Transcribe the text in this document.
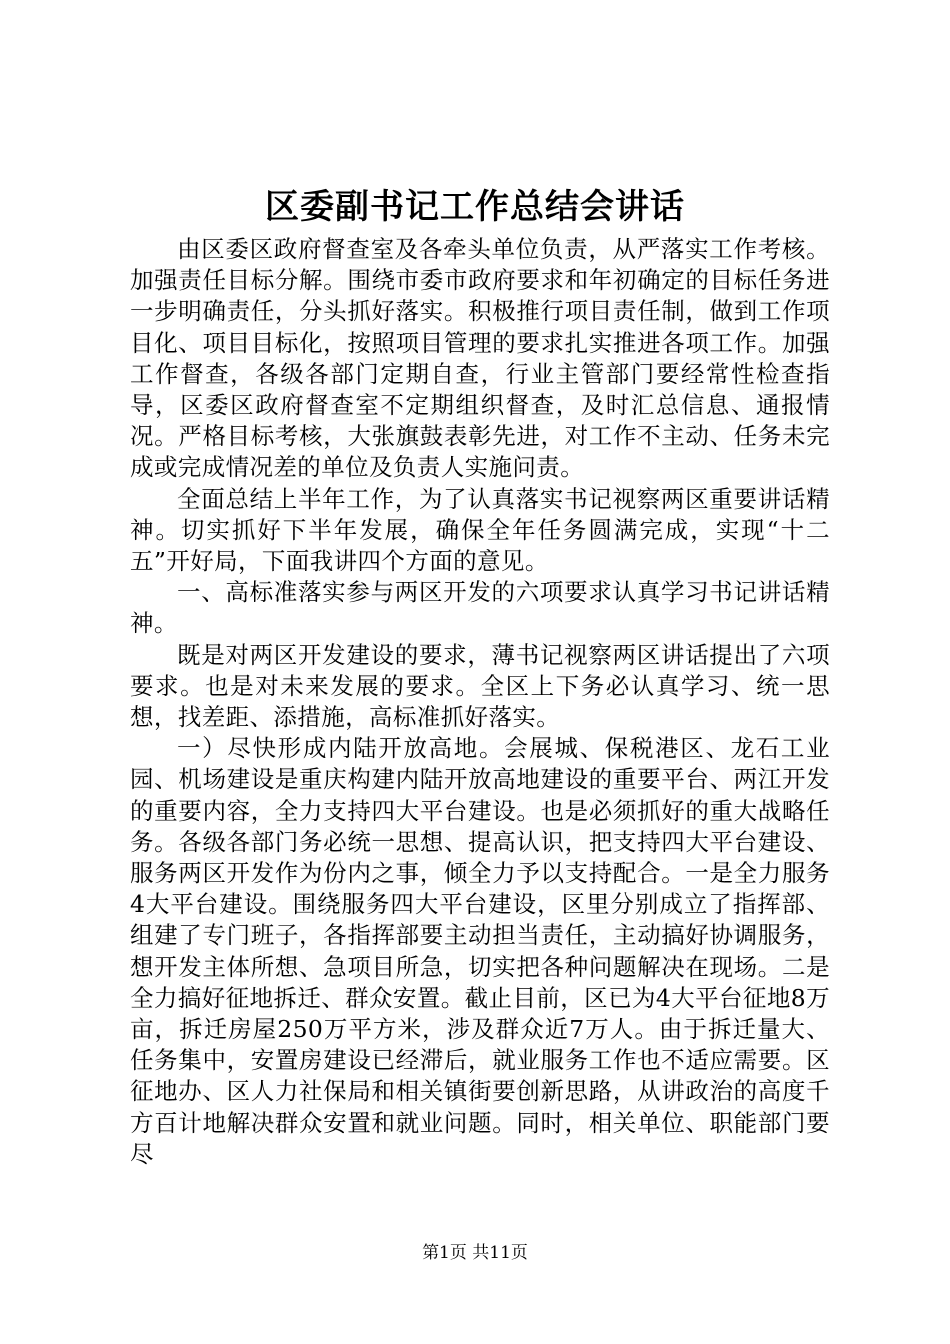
区委副书记工作总结会讲话

由区委区政府督查室及各牵头单位负责，从严落实工作考核。加强责任目标分解。围绕市委市政府要求和年初确定的目标任务进一步明确责任，分头抓好落实。积极推行项目责任制，做到工作项目化、项目目标化，按照项目管理的要求扎实推进各项工作。加强工作督查，各级各部门定期自查，行业主管部门要经常性检查指导，区委区政府督查室不定期组织督查，及时汇总信息、通报情况。严格目标考核，大张旗鼓表彰先进，对工作不主动、任务未完成或完成情况差的单位及负责人实施问责。

全面总结上半年工作，为了认真落实书记视察两区重要讲话精神。切实抓好下半年发展，确保全年任务圆满完成，实现“十二五”开好局，下面我讲四个方面的意见。

一、高标准落实参与两区开发的六项要求认真学习书记讲话精神。

既是对两区开发建设的要求，薄书记视察两区讲话提出了六项要求。也是对未来发展的要求。全区上下务必认真学习、统一思想，找差距、添措施，高标准抓好落实。

一）尽快形成内陆开放高地。会展城、保税港区、龙石工业园、机场建设是重庆构建内陆开放高地建设的重要平台、两江开发的重要内容，全力支持四大平台建设。也是必须抓好的重大战略任务。各级各部门务必统一思想、提高认识，把支持四大平台建设、服务两区开发作为份内之事，倾全力予以支持配合。一是全力服务4大平台建设。围绕服务四大平台建设，区里分别成立了指挥部、组建了专门班子，各指挥部要主动担当责任，主动搞好协调服务，想开发主体所想、急项目所急，切实把各种问题解决在现场。二是全力搞好征地拆迁、群众安置。截止目前，区已为4大平台征地8万亩，拆迁房屋250万平方米，涉及群众近7万人。由于拆迁量大、任务集中，安置房建设已经滞后，就业服务工作也不适应需要。区征地办、区人力社保局和相关镇街要创新思路，从讲政治的高度千方百计地解决群众安置和就业问题。同时，相关单位、职能部门要尽

第1页 共11页
